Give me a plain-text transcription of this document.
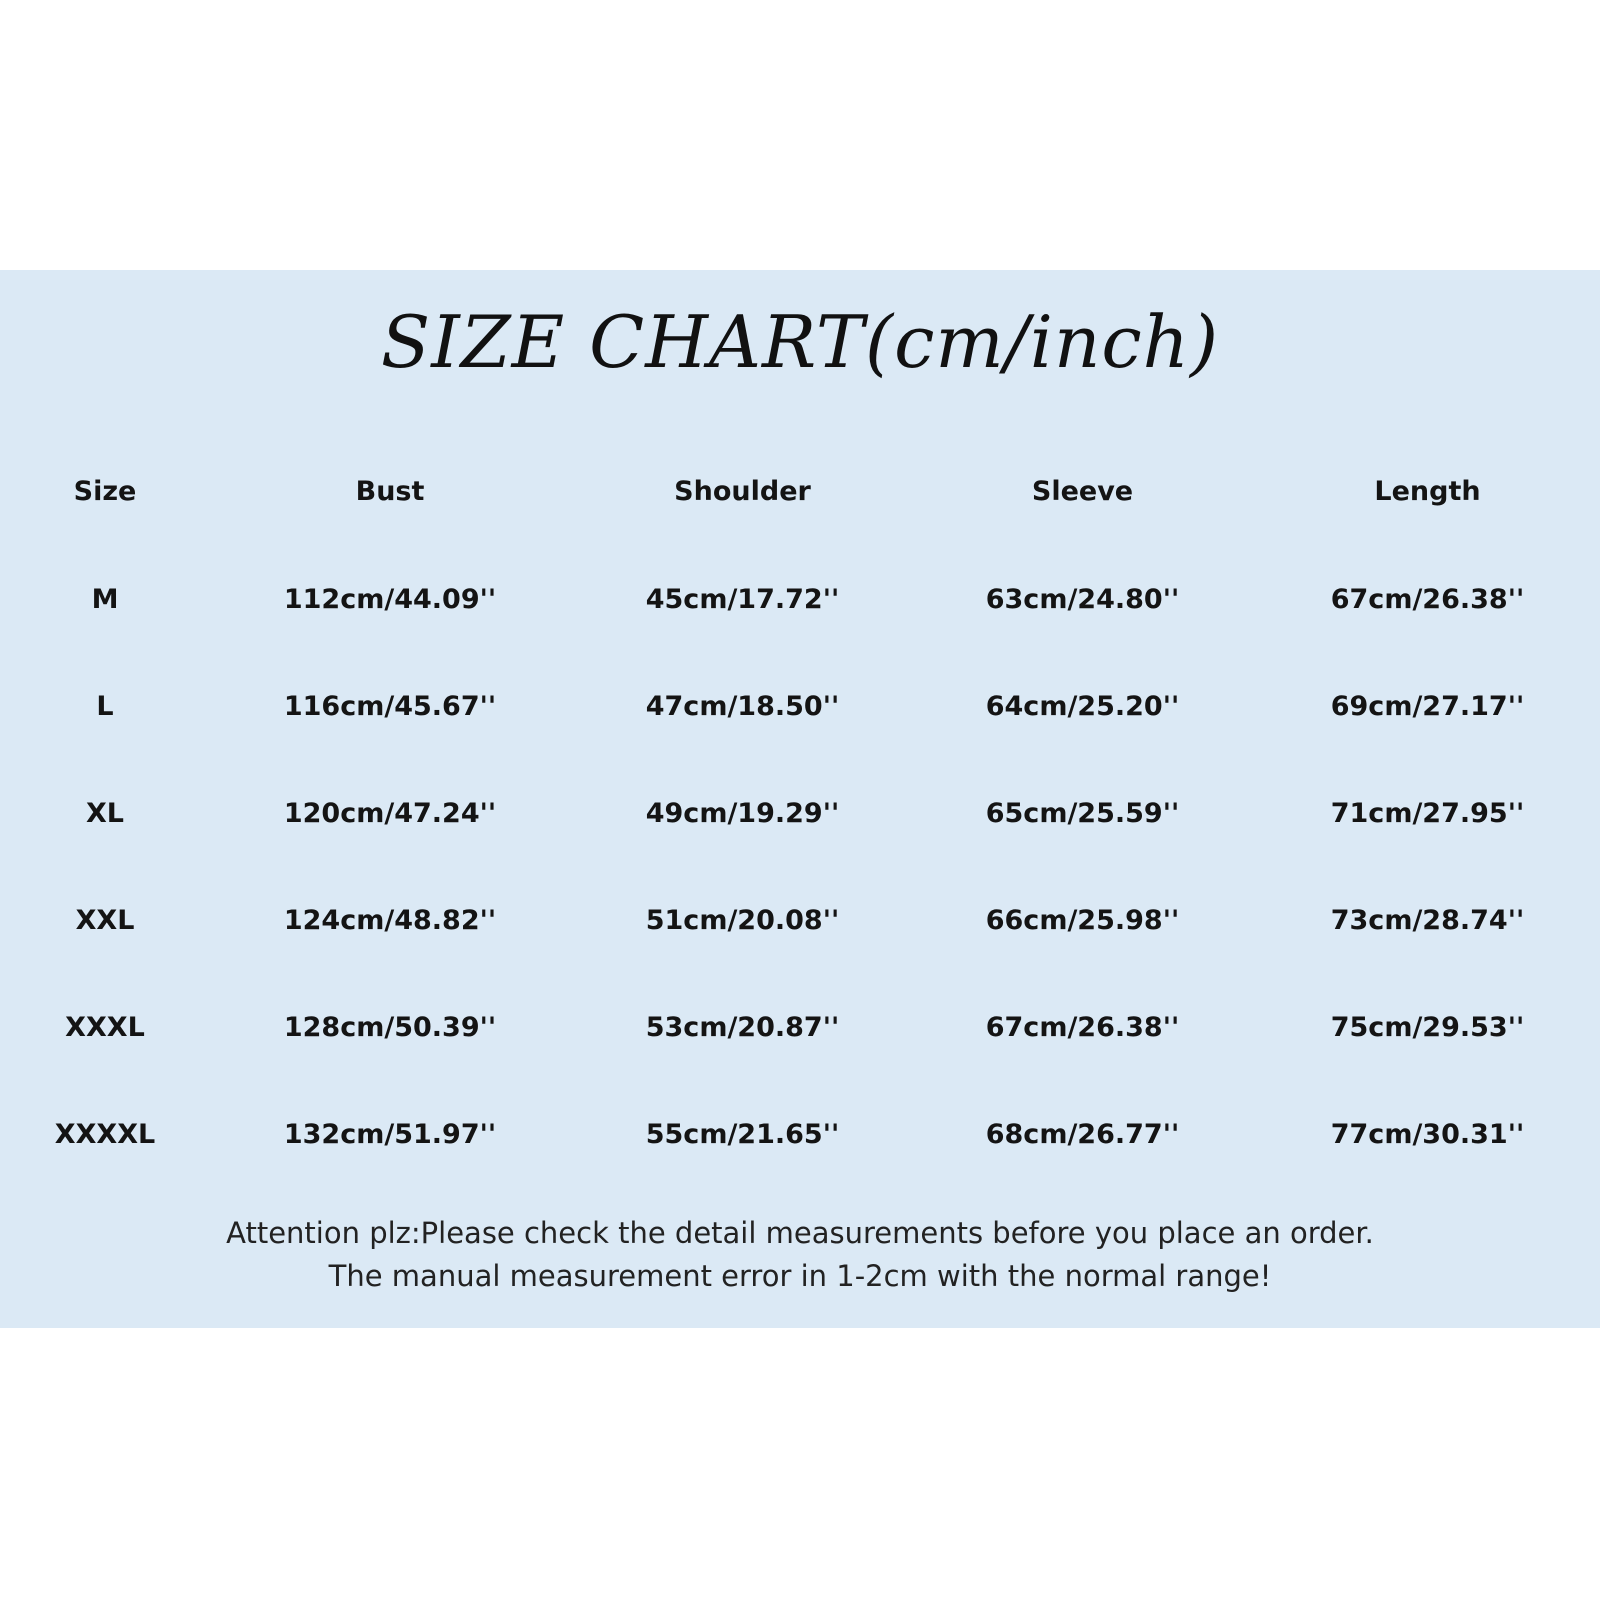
SIZE CHART(cm/inch)
Size	Bust	Shoulder	Sleeve	Length
M	112cm/44.09''	45cm/17.72''	63cm/24.80''	67cm/26.38''
L	116cm/45.67''	47cm/18.50''	64cm/25.20''	69cm/27.17''
XL	120cm/47.24''	49cm/19.29''	65cm/25.59''	71cm/27.95''
XXL	124cm/48.82''	51cm/20.08''	66cm/25.98''	73cm/28.74''
XXXL	128cm/50.39''	53cm/20.87''	67cm/26.38''	75cm/29.53''
XXXXL	132cm/51.97''	55cm/21.65''	68cm/26.77''	77cm/30.31''
Attention plz:Please check the detail measurements before you place an order.
The manual measurement error in 1-2cm with the normal range!
